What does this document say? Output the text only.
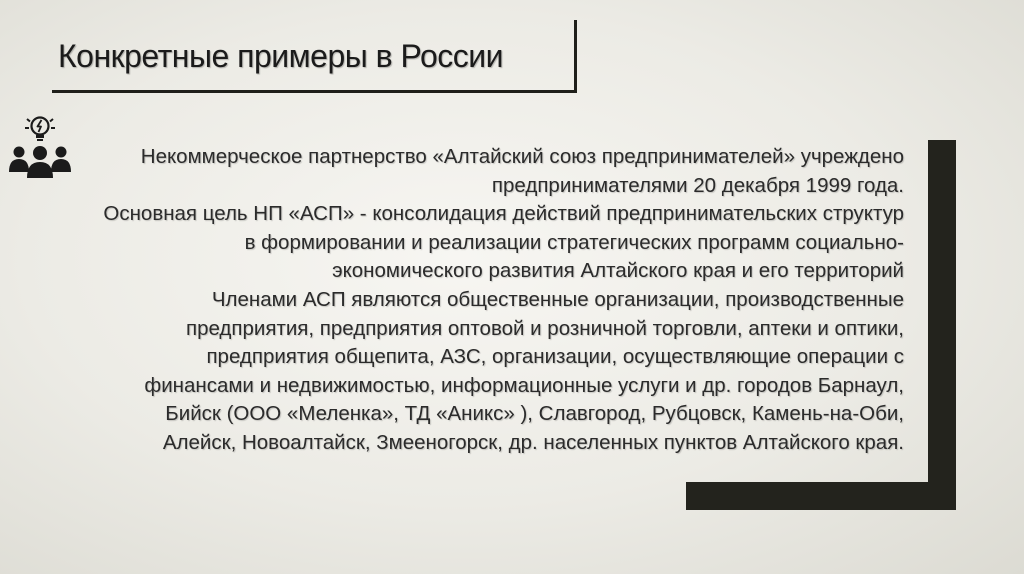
Конкретные примеры в России

Некоммерческое партнерство «Алтайский союз предпринимателей» учреждено

предпринимателями 20 декабря 1999 года.

Основная цель НП «АСП» - консолидация действий предпринимательских структур

в формировании и реализации стратегических программ социально-

экономического развития Алтайского края и его территорий

Членами АСП являются общественные организации, производственные

предприятия, предприятия оптовой и розничной торговли, аптеки и оптики,

предприятия общепита, АЗС, организации, осуществляющие операции с

финансами и недвижимостью, информационные услуги и др. городов Барнаул,

Бийск (ООО «Меленка», ТД «Аникс» ), Славгород, Рубцовск, Камень-на-Оби,

Алейск, Новоалтайск, Змееногорск, др. населенных пунктов Алтайского края.
